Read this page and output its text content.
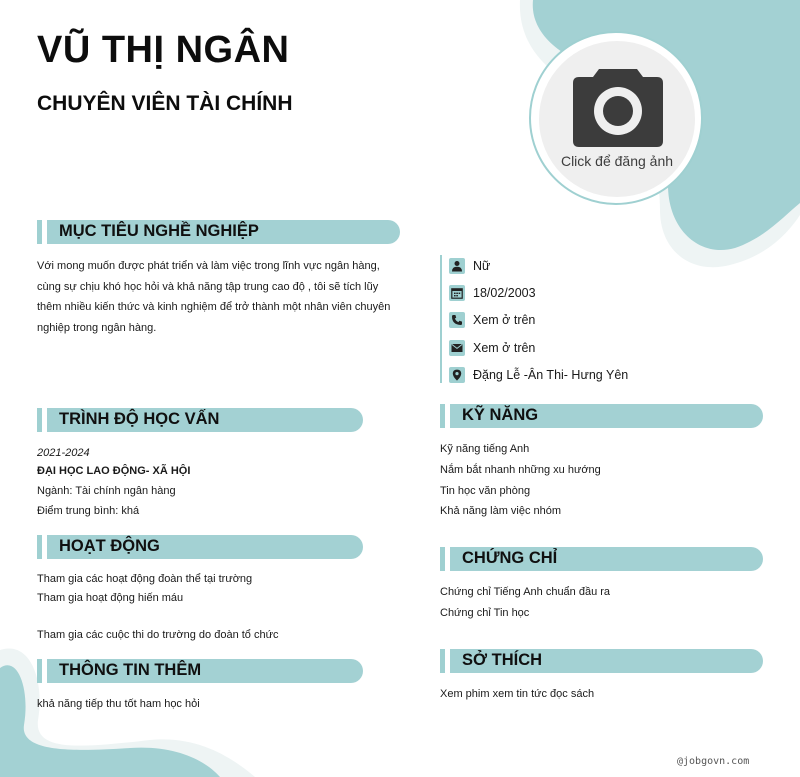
VŨ THỊ NGÂN
CHUYÊN VIÊN TÀI CHÍNH
Click để đăng ảnh
MỤC TIÊU NGHỀ NGHIỆP
Với mong muốn được phát triển và làm việc trong lĩnh vực ngân hàng,
cùng sự chịu khó học hỏi và khả năng tập trung cao độ , tôi sẽ tích lũy
thêm nhiều kiến thức và kinh nghiệm để trở thành một nhân viên chuyên
nghiệp trong ngân hàng.
Nữ
18/02/2003
Xem ở trên
Xem ở trên
Đặng Lễ -Ân Thi- Hưng Yên
TRÌNH ĐỘ HỌC VẤN
2021-2024
ĐẠI HỌC LAO ĐỘNG- XÃ HỘI
Ngành: Tài chính ngân hàng
Điểm trung bình: khá
KỸ NĂNG
Kỹ năng tiếng Anh
Nắm bắt nhanh những xu hướng
Tin học văn phòng
Khả năng làm việc nhóm
HOẠT ĐỘNG
Tham gia các hoạt động đoàn thể tại trường
Tham gia hoạt động hiến máu
Tham gia các cuộc thi do trường do đoàn tổ chức
CHỨNG CHỈ
Chứng chỉ Tiếng Anh chuẩn đầu ra
Chứng chỉ Tin học
THÔNG TIN THÊM
khả năng tiếp thu tốt ham học hỏi
SỞ THÍCH
Xem phim xem tin tức đọc sách
@jobgovn.com
